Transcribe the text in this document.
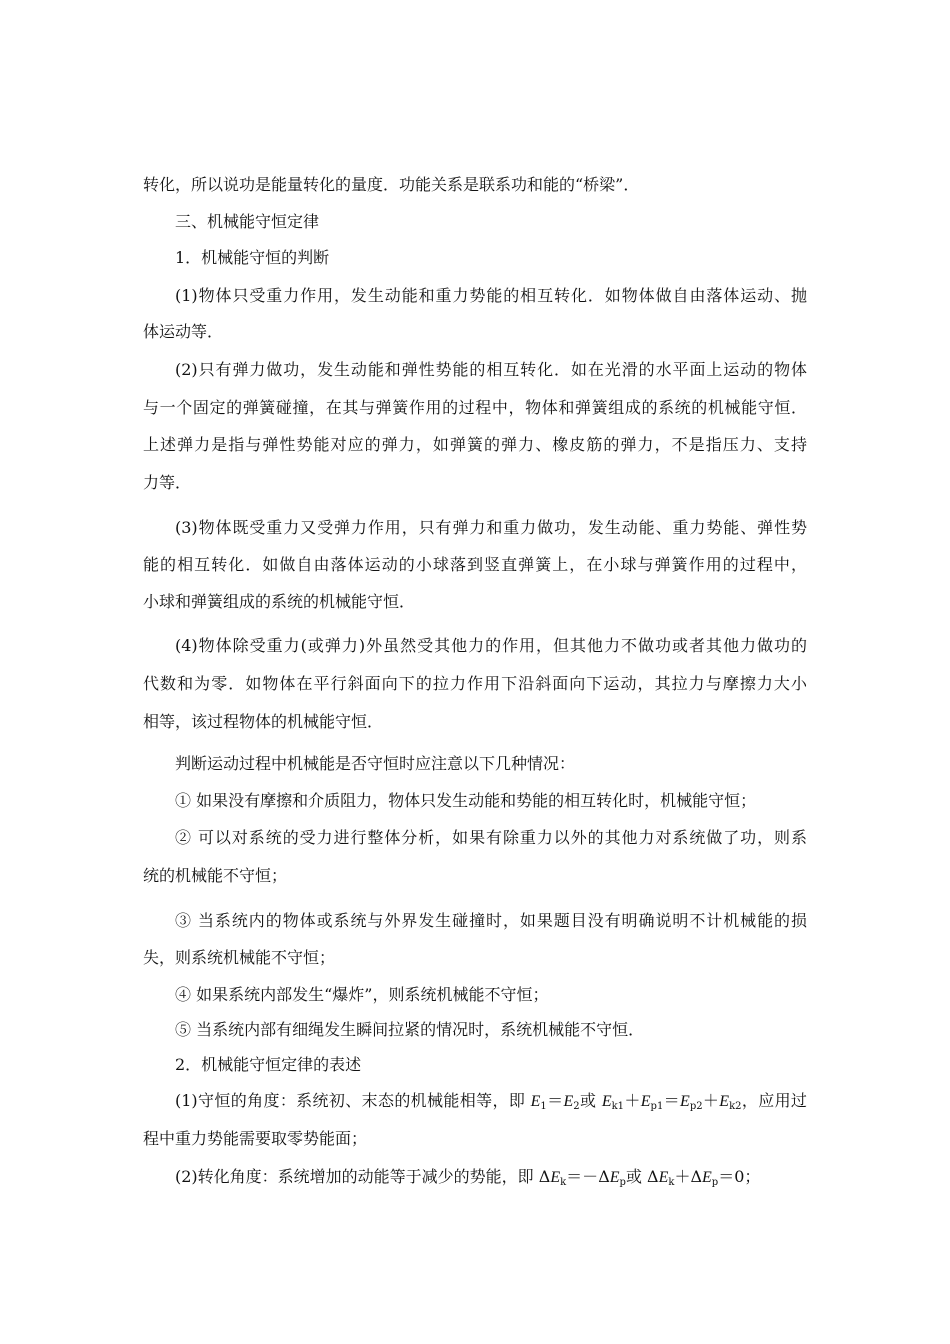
转化，所以说功是能量转化的量度．功能关系是联系功和能的“桥梁”．
三、机械能守恒定律
1．机械能守恒的判断
(1)物体只受重力作用，发生动能和重力势能的相互转化．如物体做自由落体运动、抛
体运动等．
(2)只有弹力做功，发生动能和弹性势能的相互转化．如在光滑的水平面上运动的物体
与一个固定的弹簧碰撞，在其与弹簧作用的过程中，物体和弹簧组成的系统的机械能守恒．
上述弹力是指与弹性势能对应的弹力，如弹簧的弹力、橡皮筋的弹力，不是指压力、支持
力等．
(3)物体既受重力又受弹力作用，只有弹力和重力做功，发生动能、重力势能、弹性势
能的相互转化．如做自由落体运动的小球落到竖直弹簧上，在小球与弹簧作用的过程中，
小球和弹簧组成的系统的机械能守恒．
(4)物体除受重力(或弹力)外虽然受其他力的作用，但其他力不做功或者其他力做功的
代数和为零．如物体在平行斜面向下的拉力作用下沿斜面向下运动，其拉力与摩擦力大小
相等，该过程物体的机械能守恒．
判断运动过程中机械能是否守恒时应注意以下几种情况：
① 如果没有摩擦和介质阻力，物体只发生动能和势能的相互转化时，机械能守恒；
② 可以对系统的受力进行整体分析，如果有除重力以外的其他力对系统做了功，则系
统的机械能不守恒；
③ 当系统内的物体或系统与外界发生碰撞时，如果题目没有明确说明不计机械能的损
失，则系统机械能不守恒；
④ 如果系统内部发生“爆炸”，则系统机械能不守恒；
⑤ 当系统内部有细绳发生瞬间拉紧的情况时，系统机械能不守恒．
2．机械能守恒定律的表述
(1)守恒的角度：系统初、末态的机械能相等，即 $E_1=E_2$或 $E_{k1}+E_{p1}=E_{p2}+E_{k2}$，应用过
程中重力势能需要取零势能面；
(2)转化角度：系统增加的动能等于减少的势能，即 $\Delta E_k=-\Delta E_p$或 $\Delta E_k+\Delta E_p=0$；
